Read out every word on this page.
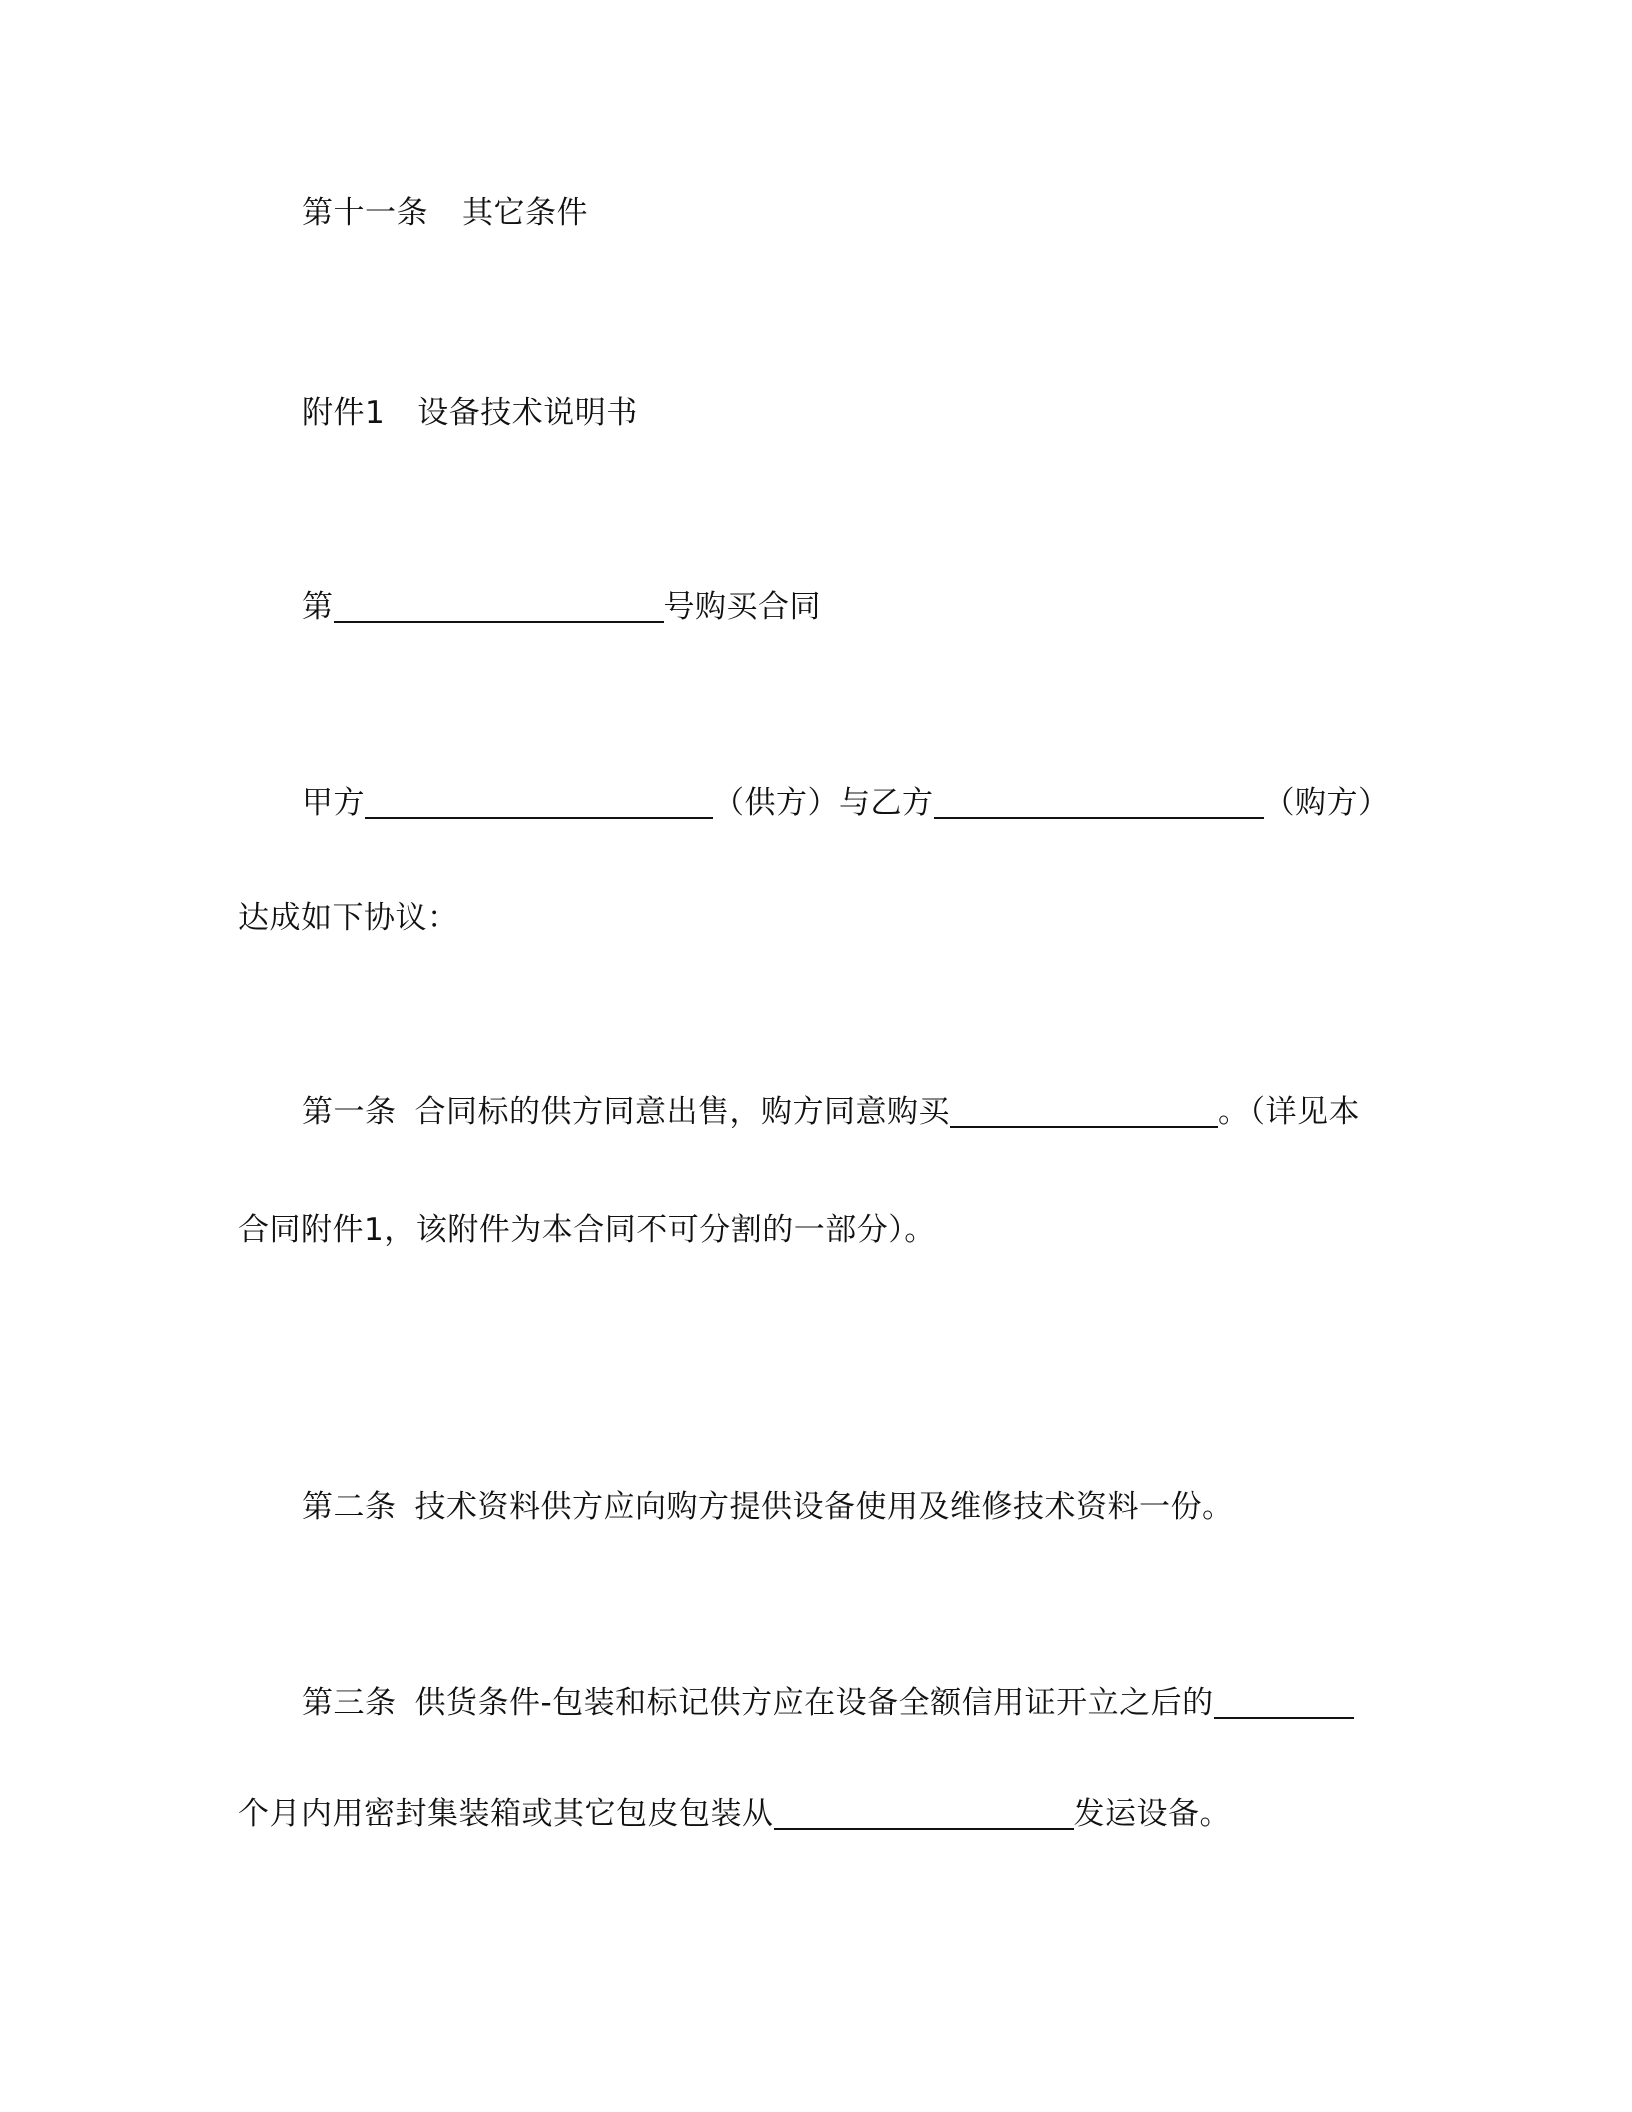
第十一条 其它条件
附件1 设备技术说明书
第	号购买合同
甲方	（供方）与乙方	（购方）
达成如下协议：
第一条 合同标的供方同意出售，购方同意购买	。（详见本
合同附件1，该附件为本合同不可分割的一部分）。
第二条 技术资料供方应向购方提供设备使用及维修技术资料一份。
第三条 供货条件-包装和标记供方应在设备全额信用证开立之后的
个月内用密封集装箱或其它包皮包装从	发运设备。
